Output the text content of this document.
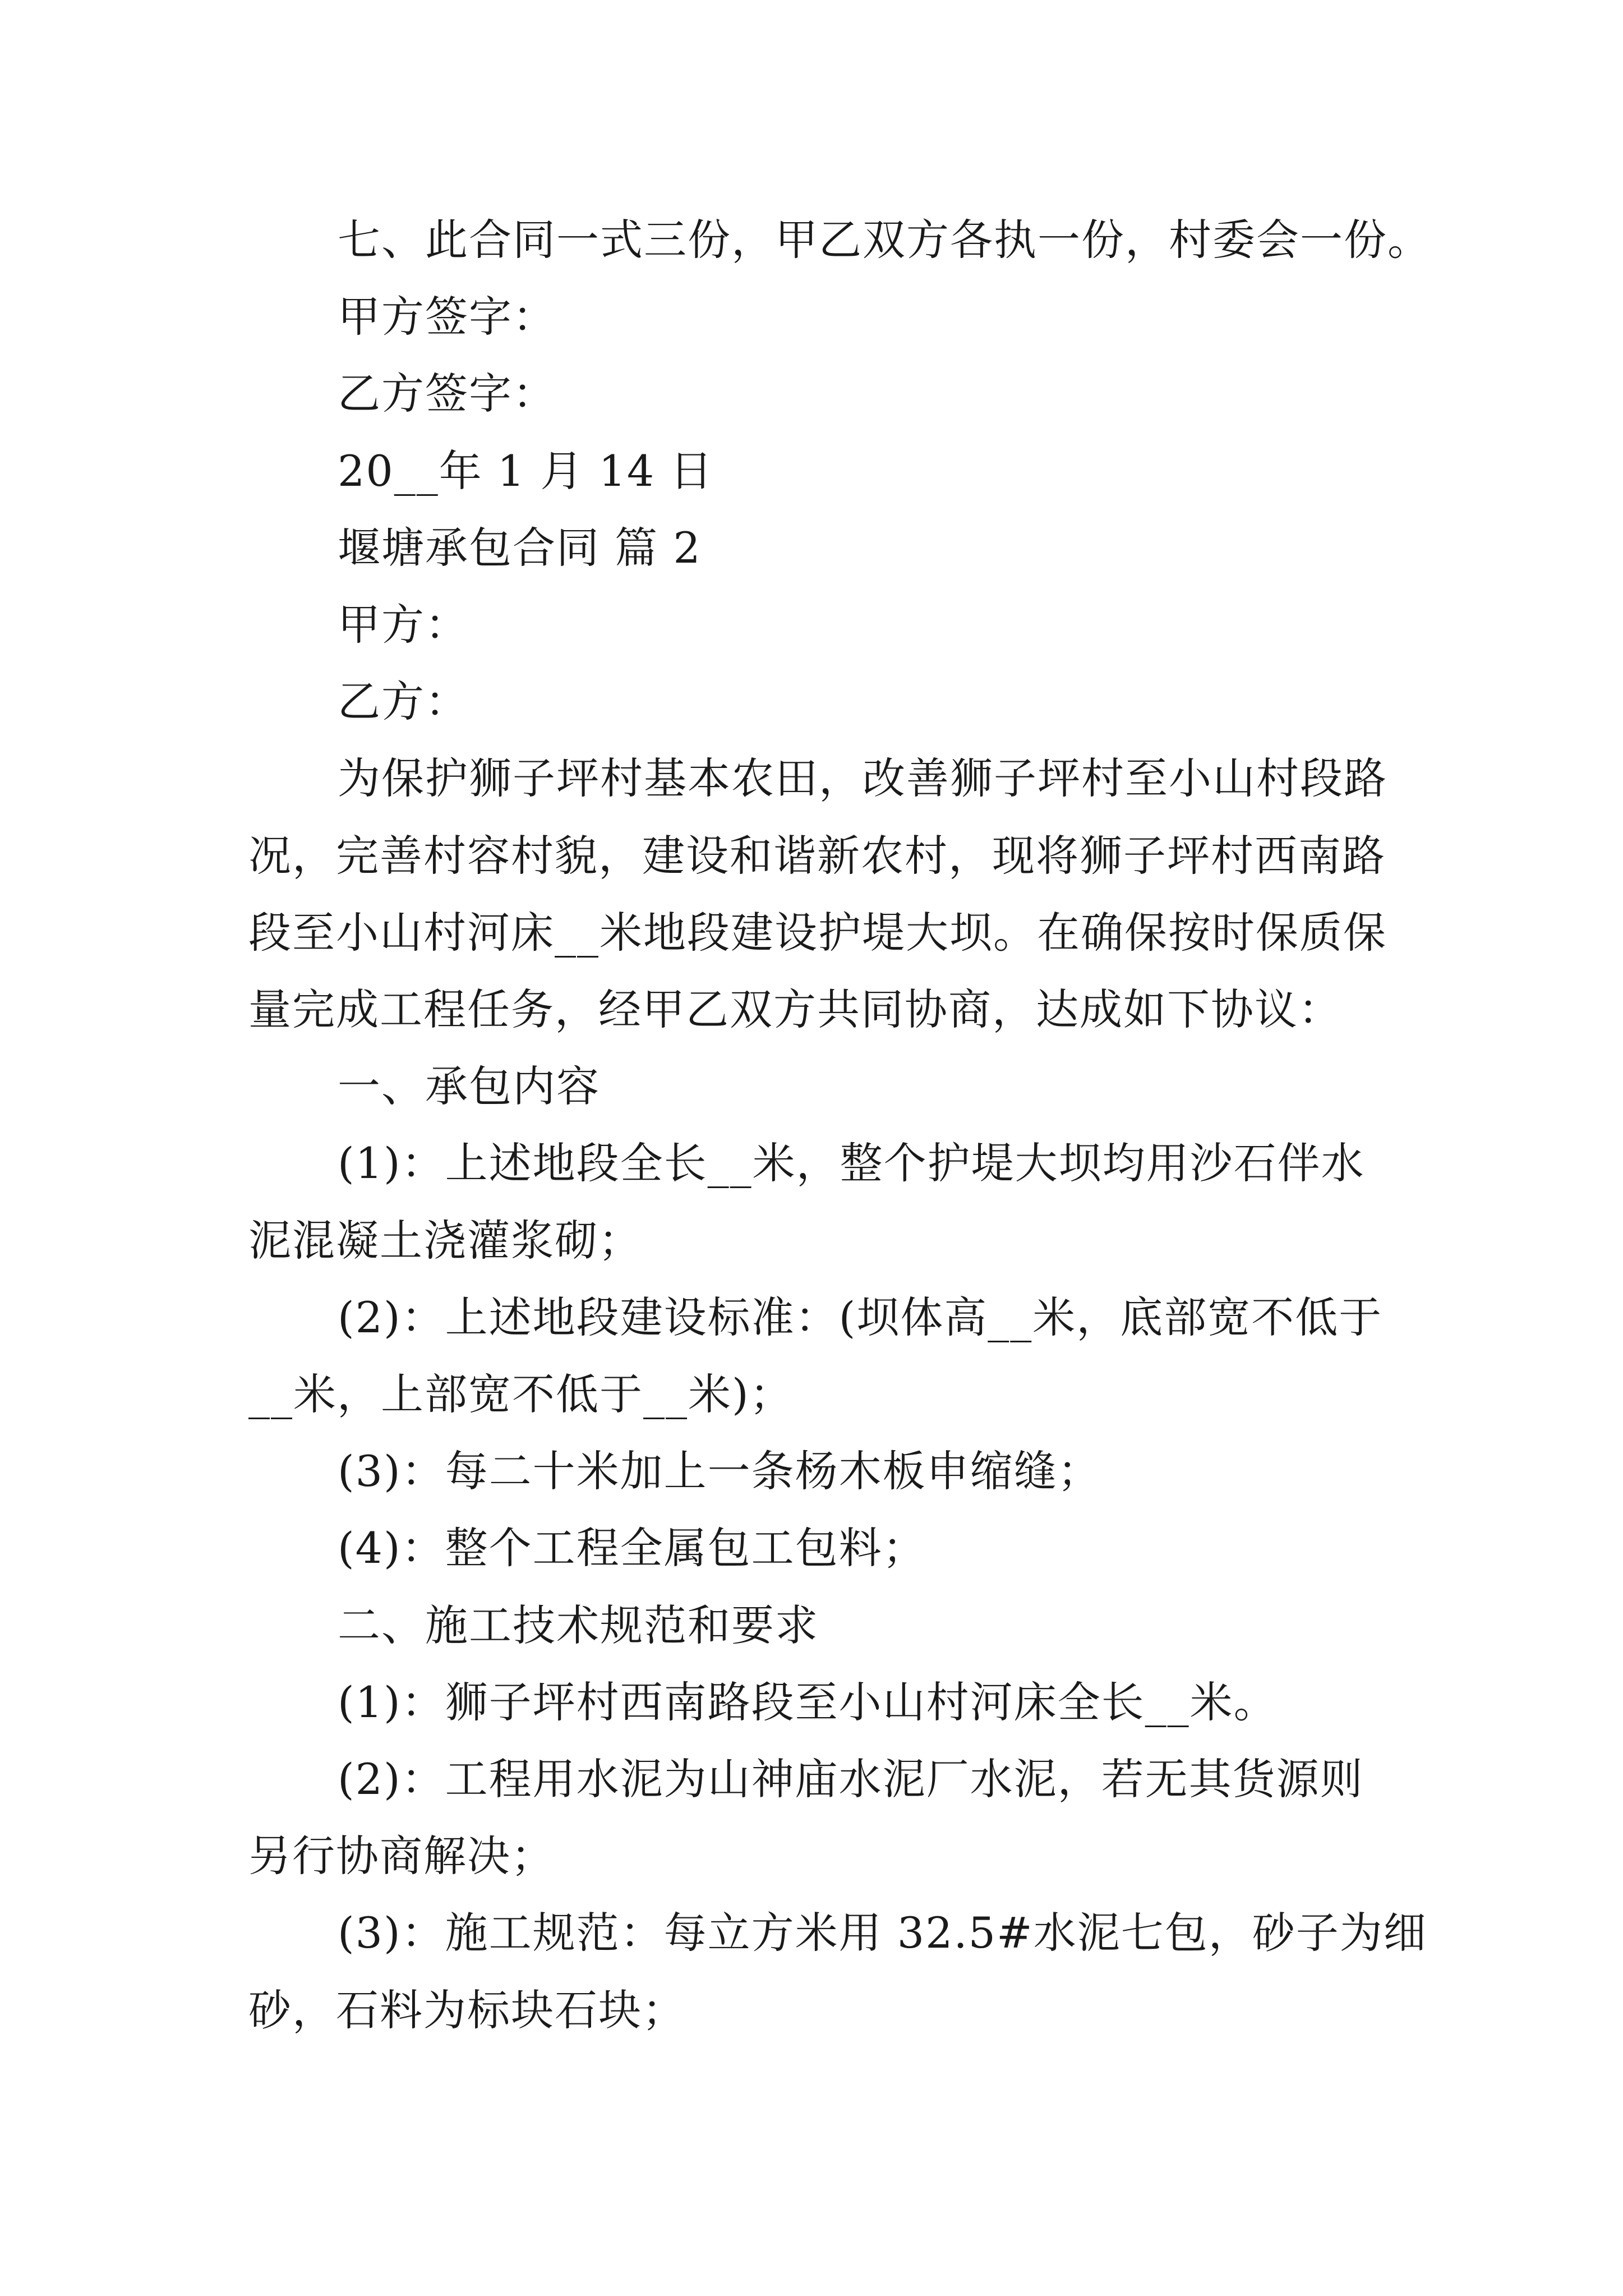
七、此合同一式三份，甲乙双方各执一份，村委会一份。
甲方签字：
乙方签字：
20__年 1 月 14 日
堰塘承包合同 篇 2
甲方：
乙方：
为保护狮子坪村基本农田，改善狮子坪村至小山村段路
况，完善村容村貌，建设和谐新农村，现将狮子坪村西南路
段至小山村河床__米地段建设护堤大坝。在确保按时保质保
量完成工程任务，经甲乙双方共同协商，达成如下协议：
一、承包内容
(1)：上述地段全长__米，整个护堤大坝均用沙石伴水
泥混凝土浇灌浆砌；
(2)：上述地段建设标准：(坝体高__米，底部宽不低于
__米，上部宽不低于__米)；
(3)：每二十米加上一条杨木板申缩缝；
(4)：整个工程全属包工包料；
二、施工技术规范和要求
(1)：狮子坪村西南路段至小山村河床全长__米。
(2)：工程用水泥为山神庙水泥厂水泥，若无其货源则
另行协商解决；
(3)：施工规范：每立方米用 32.5#水泥七包，砂子为细
砂，石料为标块石块；
